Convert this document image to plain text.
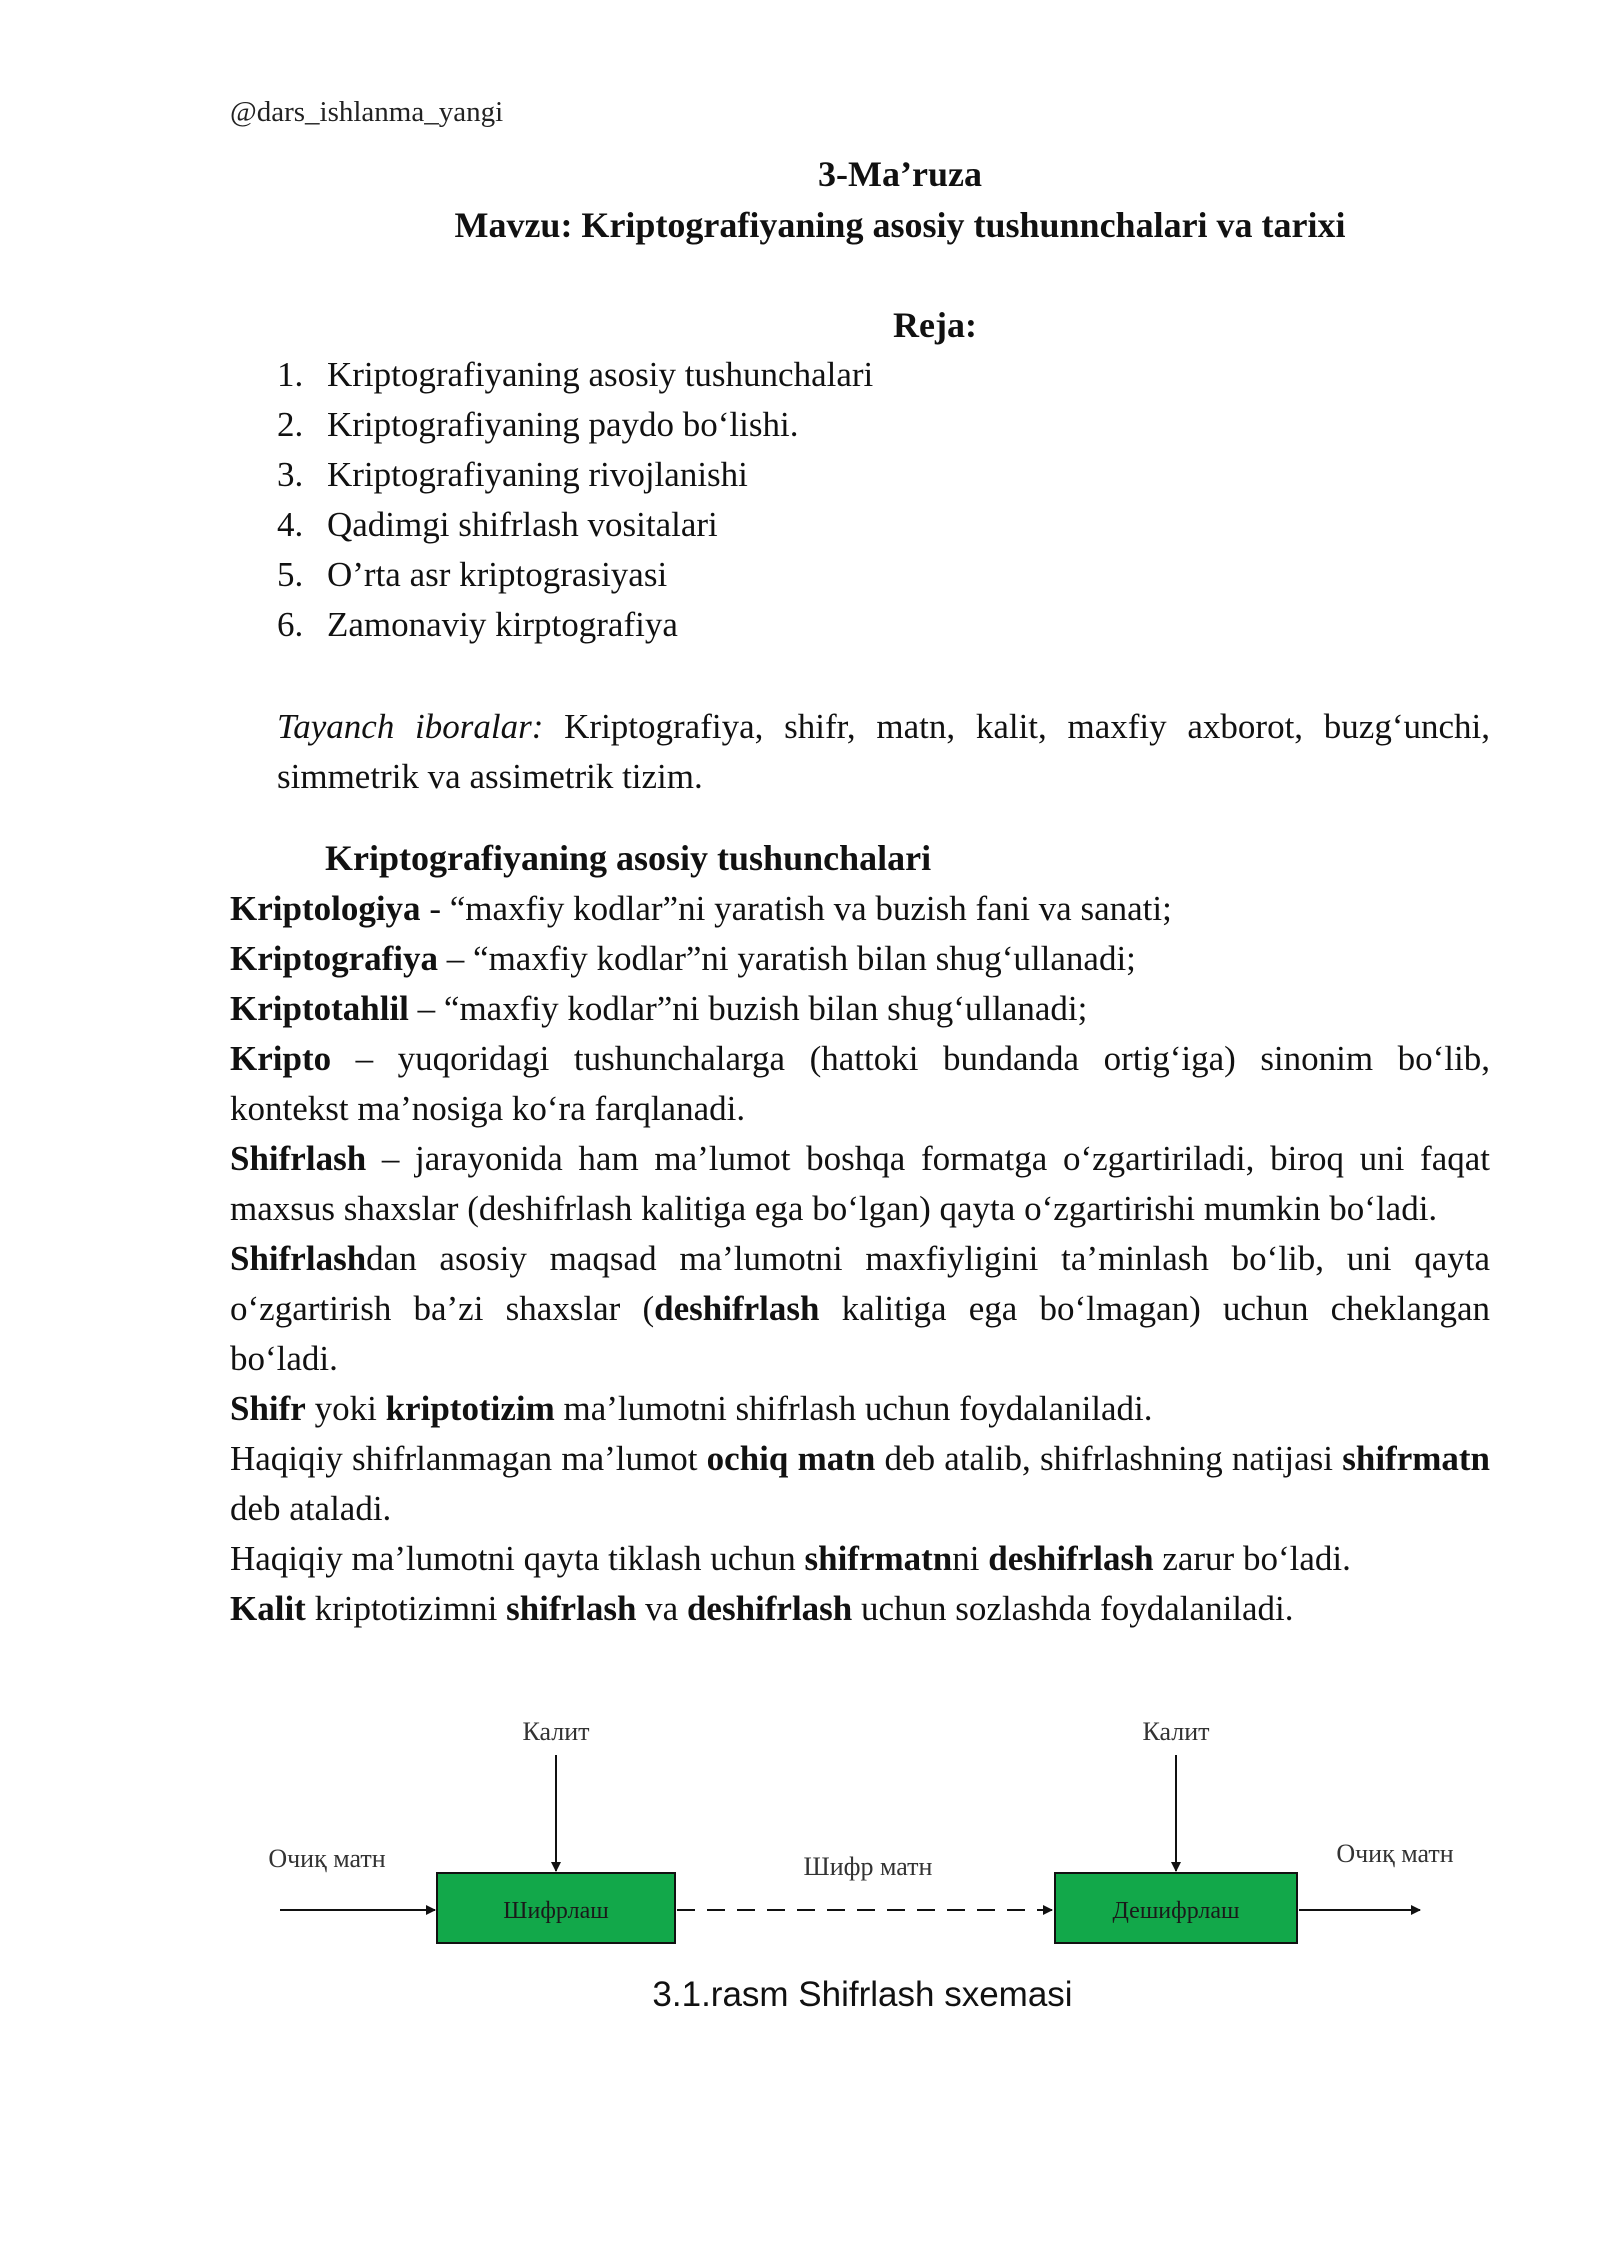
@dars_ishlanma_yangi
3-Ma’ruza
Mavzu: Kriptografiyaning asosiy tushunnchalari va tarixi
Reja:
1. Kriptografiyaning asosiy tushunchalari
2. Kriptografiyaning paydo bo‘lishi.
3. Kriptografiyaning rivojlanishi
4. Qadimgi shifrlash vositalari
5. O’rta asr kriptograsiyasi
6. Zamonaviy kirptografiya
Tayanch iboralar: Kriptografiya, shifr, matn, kalit, maxfiy axborot, buzg‘unchi, simmetrik va assimetrik tizim.
Kriptografiyaning asosiy tushunchalari

Kriptologiya - “maxfiy kodlar”ni yaratish va buzish fani va sanati;

Kriptografiya – “maxfiy kodlar”ni yaratish bilan shug‘ullanadi;

Kriptotahlil – “maxfiy kodlar”ni buzish bilan shug‘ullanadi;

Kripto – yuqoridagi tushunchalarga (hattoki bundanda ortig‘iga) sinonim bo‘lib, kontekst ma’nosiga ko‘ra farqlanadi.

Shifrlash – jarayonida ham ma’lumot boshqa formatga o‘zgartiriladi, biroq uni faqat maxsus shaxslar (deshifrlash kalitiga ega bo‘lgan) qayta o‘zgartirishi mumkin bo‘ladi.

Shifrlashdan asosiy maqsad ma’lumotni maxfiyligini ta’minlash bo‘lib, uni qayta o‘zgartirish ba’zi shaxslar (deshifrlash kalitiga ega bo‘lmagan) uchun cheklangan bo‘ladi.

Shifr yoki kriptotizim ma’lumotni shifrlash uchun foydalaniladi.

Haqiqiy shifrlanmagan ma’lumot ochiq matn deb atalib, shifrlashning natijasi shifrmatn deb ataladi.

Haqiqiy ma’lumotni qayta tiklash uchun shifrmatnni deshifrlash zarur bo‘ladi.

Kalit kriptotizimni shifrlash va deshifrlash uchun sozlashda foydalaniladi.

Калит	Калит
Очиқ матн	Шифр матн	Очиқ матн
Шифрлаш	Дешифрлаш
3.1.rasm Shifrlash sxemasi
